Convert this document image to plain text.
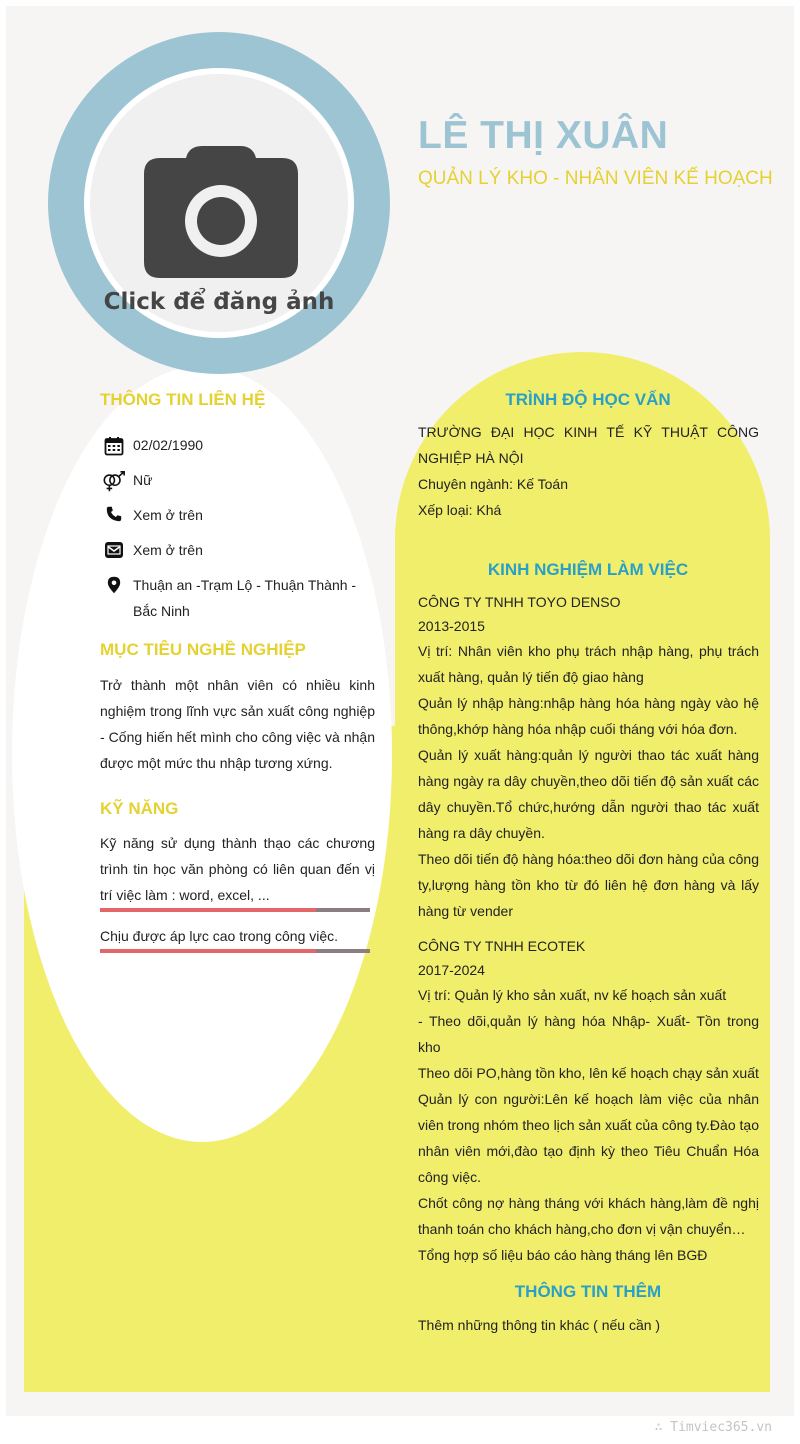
Click để đăng ảnh
LÊ THỊ XUÂN
QUẢN LÝ KHO - NHÂN VIÊN KẾ HOẠCH
THÔNG TIN LIÊN HỆ
02/02/1990
Nữ
Xem ở trên
Xem ở trên
Thuận an -Trạm Lộ - Thuận Thành - Bắc Ninh
MỤC TIÊU NGHỀ NGHIỆP
Trở thành một nhân viên có nhiều kinh nghiệm trong lĩnh vực sản xuất công nghiệp - Cống hiến hết mình cho công việc và nhận được một mức thu nhập tương xứng.
KỸ NĂNG
Kỹ năng sử dụng thành thạo các chương trình tin học văn phòng có liên quan đến vị trí việc làm : word, excel, ...
Chịu được áp lực cao trong công việc.
TRÌNH ĐỘ HỌC VẤN
TRƯỜNG ĐẠI HỌC KINH TẾ KỸ THUẬT CÔNG NGHIỆP HÀ NỘI
Chuyên ngành: Kế Toán
Xếp loại: Khá
KINH NGHIỆM LÀM VIỆC
CÔNG TY TNHH TOYO DENSO
2013-2015
Vị trí: Nhân viên kho phụ trách nhập hàng, phụ trách xuất hàng, quản lý tiến độ giao hàng
Quản lý nhập hàng:nhập hàng hóa hàng ngày vào hệ thông,khớp hàng hóa nhập cuối tháng với hóa đơn.
Quản lý xuất hàng:quản lý người thao tác xuất hàng hàng ngày ra dây chuyền,theo dõi tiến độ sản xuất các dây chuyền.Tổ chức,hướng dẫn người thao tác xuất hàng ra dây chuyền.
Theo dõi tiến độ hàng hóa:theo dõi đơn hàng của công ty,lượng hàng tồn kho từ đó liên hệ đơn hàng và lấy hàng từ vender
CÔNG TY TNHH ECOTEK
2017-2024
Vị trí: Quản lý kho sản xuất, nv kế hoạch sản xuất
- Theo dõi,quản lý hàng hóa Nhập- Xuất- Tồn trong kho
Theo dõi PO,hàng tồn kho, lên kế hoạch chạy sản xuất
Quản lý con người:Lên kế hoạch làm việc của nhân viên trong nhóm theo lịch sản xuất của công ty.Đào tạo nhân viên mới,đào tạo định kỳ theo Tiêu Chuẩn Hóa công việc.
Chốt công nợ hàng tháng với khách hàng,làm đề nghị thanh toán cho khách hàng,cho đơn vị vận chuyển…
Tổng hợp số liệu báo cáo hàng tháng lên BGĐ
THÔNG TIN THÊM
Thêm những thông tin khác ( nếu cần )
∴ Timviec365.vn
